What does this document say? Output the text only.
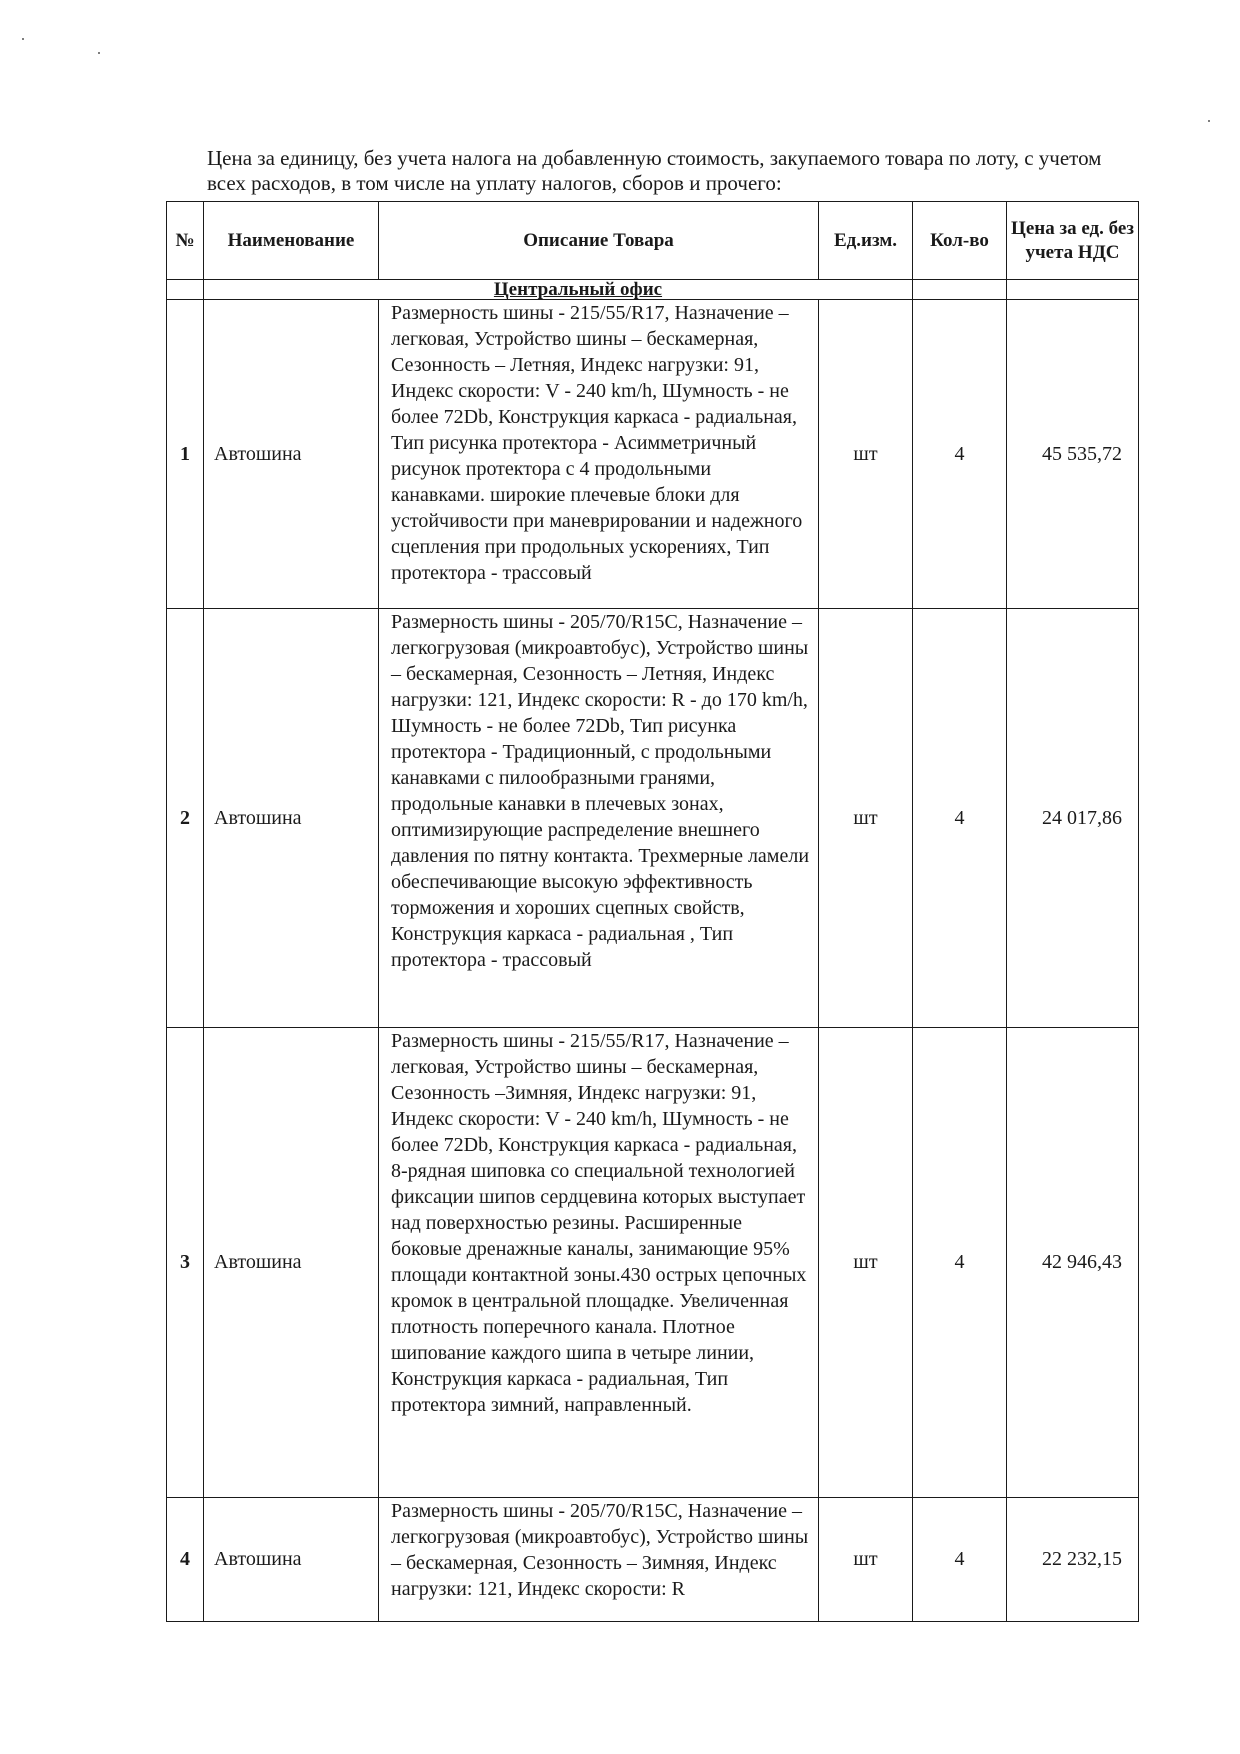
Цена за единицу, без учета налога на добавленную стоимость, закупаемого товара по лоту, с учетом всех расходов, в том числе на уплату налогов, сборов и прочего:
№	Наименование	Описание Товара	Ед.изм.	Кол-во	Цена за ед. без учета НДС
	Центральный офис				
1	Автошина	Размерность шины - 215/55/R17, Назначение – легковая, Устройство шины – бескамерная, Сезонность – Летняя, Индекс нагрузки: 91, Индекс скорости: V - 240 km/h, Шумность - не более 72Db, Конструкция каркаса - радиальная, Тип рисунка протектора - Асимметричный рисунок протектора с 4 продольными канавками. широкие плечевые блоки для устойчивости при маневрировании и надежного сцепления при продольных ускорениях, Тип протектора - трассовый	шт	4	45 535,72
2	Автошина	Размерность шины - 205/70/R15С, Назначение – легкогрузовая (микроавтобус), Устройство шины – бескамерная, Сезонность – Летняя, Индекс нагрузки: 121, Индекс скорости: R - до 170 km/h, Шумность - не более 72Db, Тип рисунка протектора - Традиционный, с продольными канавками с пилообразными гранями, продольные канавки в плечевых зонах, оптимизирующие распределение внешнего давления по пятну контакта. Трехмерные ламели обеспечивающие высокую эффективность торможения и хороших сцепных свойств, Конструкция каркаса - радиальная , Тип протектора - трассовый	шт	4	24 017,86
3	Автошина	Размерность шины - 215/55/R17, Назначение – легковая, Устройство шины – бескамерная, Сезонность –Зимняя, Индекс нагрузки: 91, Индекс скорости: V - 240 km/h, Шумность - не более 72Db, Конструкция каркаса - радиальная, 8-рядная шиповка со специальной технологией фиксации шипов сердцевина которых выступает над поверхностью резины. Расширенные боковые дренажные каналы, занимающие 95% площади контактной зоны.430 острых цепочных кромок в центральной площадке. Увеличенная плотность поперечного канала. Плотное шипование каждого шипа в четыре линии, Конструкция каркаса - радиальная, Тип протектора зимний, направленный.	шт	4	42 946,43
4	Автошина	Размерность шины - 205/70/R15С, Назначение – легкогрузовая (микроавтобус), Устройство шины – бескамерная, Сезонность – Зимняя, Индекс нагрузки: 121, Индекс скорости: R	шт	4	22 232,15
